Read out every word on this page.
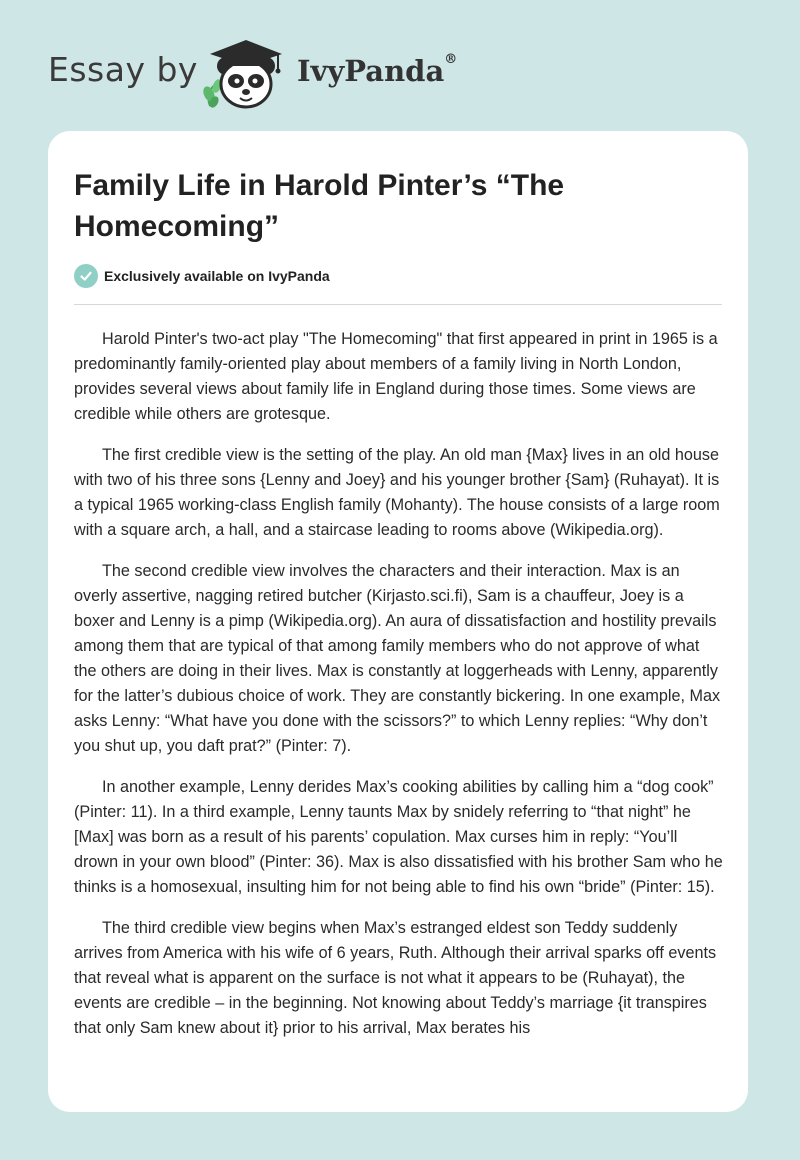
Essay by	IvyPanda®
Family Life in Harold Pinter’s “The Homecoming”
Exclusively available on IvyPanda

Harold Pinter's two-act play "The Homecoming" that first appeared in print in 1965 is a predominantly family-oriented play about members of a family living in North London, provides several views about family life in England during those times. Some views are credible while others are grotesque.

The first credible view is the setting of the play. An old man {Max} lives in an old house with two of his three sons {Lenny and Joey} and his younger brother {Sam} (Ruhayat). It is a typical 1965 working-class English family (Mohanty). The house consists of a large room with a square arch, a hall, and a staircase leading to rooms above (Wikipedia.org).

The second credible view involves the characters and their interaction. Max is an overly assertive, nagging retired butcher (Kirjasto.sci.fi), Sam is a chauffeur, Joey is a boxer and Lenny is a pimp (Wikipedia.org). An aura of dissatisfaction and hostility prevails among them that are typical of that among family members who do not approve of what the others are doing in their lives. Max is constantly at loggerheads with Lenny, apparently for the latter’s dubious choice of work. They are constantly bickering. In one example, Max asks Lenny: “What have you done with the scissors?” to which Lenny replies: “Why don’t you shut up, you daft prat?” (Pinter: 7).

In another example, Lenny derides Max’s cooking abilities by calling him a “dog cook” (Pinter: 11). In a third example, Lenny taunts Max by snidely referring to “that night” he [Max] was born as a result of his parents’ copulation. Max curses him in reply: “You’ll drown in your own blood” (Pinter: 36). Max is also dissatisfied with his brother Sam who he thinks is a homosexual, insulting him for not being able to find his own “bride” (Pinter: 15).

The third credible view begins when Max’s estranged eldest son Teddy suddenly arrives from America with his wife of 6 years, Ruth. Although their arrival sparks off events that reveal what is apparent on the surface is not what it appears to be (Ruhayat), the events are credible – in the beginning. Not knowing about Teddy’s marriage {it transpires that only Sam knew about it} prior to his arrival, Max berates his
